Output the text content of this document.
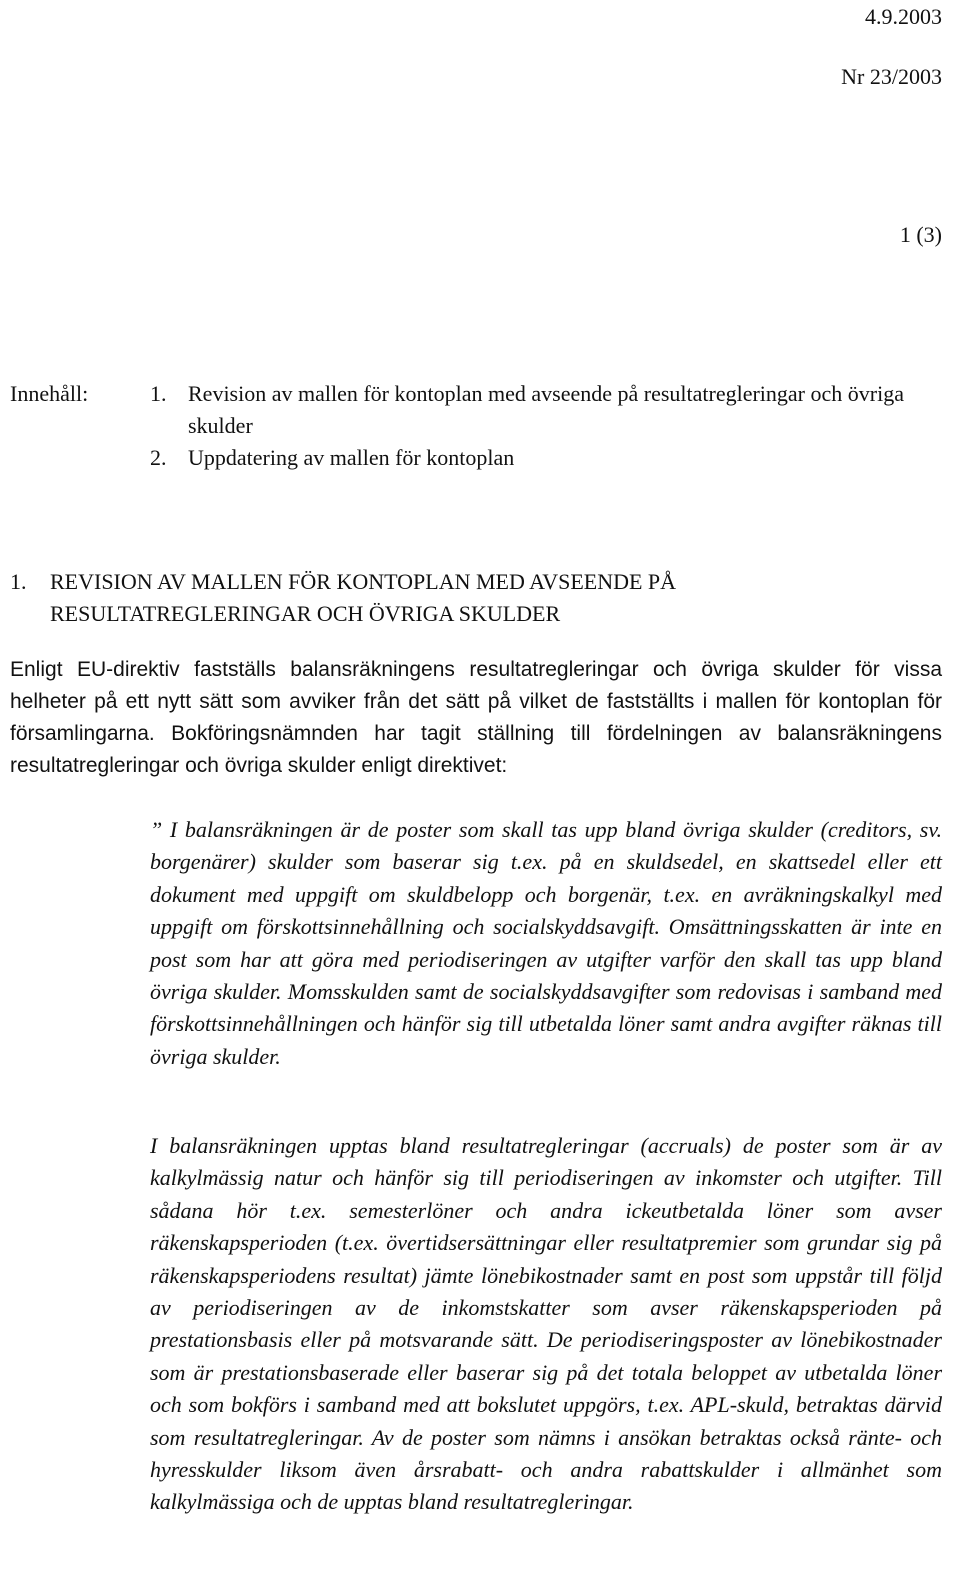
4.9.2003
Nr 23/2003
1 (3)
Innehåll:	1. Revision av mallen för kontoplan med avseende på resultatregleringar och övriga skulder
2. Uppdatering av mallen för kontoplan
1. REVISION AV MALLEN FÖR KONTOPLAN MED AVSEENDE PÅ RESULTATREGLERINGAR OCH ÖVRIGA SKULDER
Enligt EU-direktiv fastställs balansräkningens resultatregleringar och övriga skulder för vissa helheter på ett nytt sätt som avviker från det sätt på vilket de fastställts i mallen för kontoplan för församlingarna. Bokföringsnämnden har tagit ställning till fördelningen av balansräkningens resultatregleringar och övriga skulder enligt direktivet:
” I balansräkningen är de poster som skall tas upp bland övriga skulder (creditors, sv. borgenärer) skulder som baserar sig t.ex. på en skuldsedel, en skattsedel eller ett dokument med uppgift om skuldbelopp och borgenär, t.ex. en avräkningskalkyl med uppgift om förskottsinnehållning och socialskyddsavgift. Omsättningsskatten är inte en post som har att göra med periodiseringen av utgifter varför den skall tas upp bland övriga skulder. Momsskulden samt de socialskyddsavgifter som redovisas i samband med förskottsinnehållningen och hänför sig till utbetalda löner samt andra avgifter räknas till övriga skulder.
I balansräkningen upptas bland resultatregleringar (accruals) de poster som är av kalkylmässig natur och hänför sig till periodiseringen av inkomster och utgifter. Till sådana hör t.ex. semesterlöner och andra ickeutbetalda löner som avser räkenskapsperioden (t.ex. övertidsersättningar eller resultatpremier som grundar sig på räkenskapsperiodens resultat) jämte lönebikostnader samt en post som uppstår till följd av periodiseringen av de inkomstskatter som avser räkenskapsperioden på prestationsbasis eller på motsvarande sätt. De periodiseringsposter av lönebikostnader som är prestationsbaserade eller baserar sig på det totala beloppet av utbetalda löner och som bokförs i samband med att bokslutet uppgörs, t.ex. APL-skuld, betraktas därvid som resultatregleringar. Av de poster som nämns i ansökan betraktas också ränte- och hyresskulder liksom även årsrabatt- och andra rabattskulder i allmänhet som kalkylmässiga och de upptas bland resultatregleringar.
